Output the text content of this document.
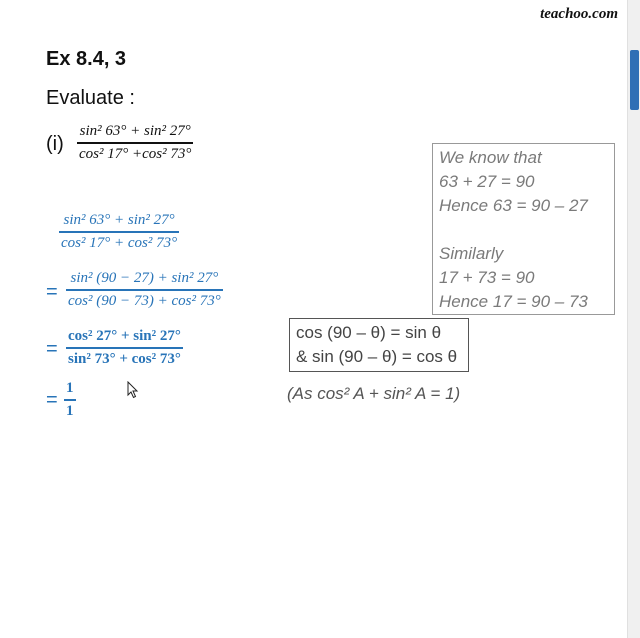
teachoo.com
Ex 8.4, 3
Evaluate :
(i)
sin² 63° + sin² 27°
cos² 17° +cos² 73°
sin² 63° + sin² 27°
cos² 17° + cos² 73°
=
sin² (90 − 27) + sin² 27°
cos² (90 − 73) + cos² 73°
=
cos² 27° + sin² 27°
sin² 73° + cos² 73°
=
1
1
We know that
63 + 27 = 90
Hence 63 = 90 – 27
Similarly
17 + 73 = 90
Hence 17 = 90 – 73
cos (90 – θ) = sin θ
& sin (90 – θ) = cos θ
(As cos² A + sin² A = 1)
